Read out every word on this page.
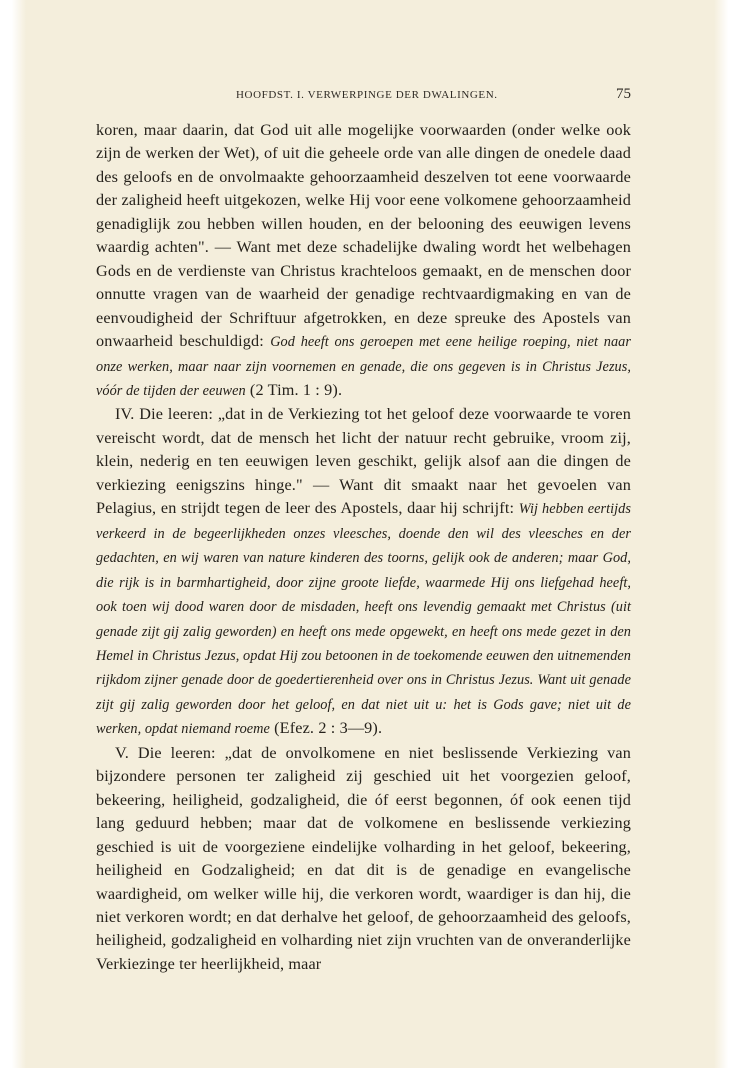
HOOFDST. I. VERWERPINGE DER DWALINGEN.	75

koren, maar daarin, dat God uit alle mogelijke voorwaarden (onder welke ook zijn de werken der Wet), of uit die geheele orde van alle dingen de onedele daad des geloofs en de onvolmaakte gehoorzaamheid deszelven tot eene voorwaarde der zaligheid heeft uitgekozen, welke Hij voor eene volkomene gehoorzaamheid genadiglijk zou hebben willen houden, en der belooning des eeuwigen levens waardig achten". — Want met deze schadelijke dwaling wordt het welbehagen Gods en de verdienste van Christus krachteloos gemaakt, en de menschen door onnutte vragen van de waarheid der genadige rechtvaardigmaking en van de eenvoudigheid der Schriftuur afgetrokken, en deze spreuke des Apostels van onwaarheid beschuldigd: God heeft ons geroepen met eene heilige roeping, niet naar onze werken, maar naar zijn voornemen en genade, die ons gegeven is in Christus Jezus, vóór de tijden der eeuwen (2 Tim. 1 : 9).

IV. Die leeren: „dat in de Verkiezing tot het geloof deze voorwaarde te voren vereischt wordt, dat de mensch het licht der natuur recht gebruike, vroom zij, klein, nederig en ten eeuwigen leven geschikt, gelijk alsof aan die dingen de verkiezing eenigszins hinge." — Want dit smaakt naar het gevoelen van Pelagius, en strijdt tegen de leer des Apostels, daar hij schrijft: Wij hebben eertijds verkeerd in de begeerlijkheden onzes vleesches, doende den wil des vleesches en der gedachten, en wij waren van nature kinderen des toorns, gelijk ook de anderen; maar God, die rijk is in barmhartigheid, door zijne groote liefde, waarmede Hij ons liefgehad heeft, ook toen wij dood waren door de misdaden, heeft ons levendig gemaakt met Christus (uit genade zijt gij zalig geworden) en heeft ons mede opgewekt, en heeft ons mede gezet in den Hemel in Christus Jezus, opdat Hij zou betoonen in de toekomende eeuwen den uitnemenden rijkdom zijner genade door de goedertierenheid over ons in Christus Jezus. Want uit genade zijt gij zalig geworden door het geloof, en dat niet uit u: het is Gods gave; niet uit de werken, opdat niemand roeme (Efez. 2 : 3—9).

V. Die leeren: „dat de onvolkomene en niet beslissende Verkiezing van bijzondere personen ter zaligheid zij geschied uit het voorgezien geloof, bekeering, heiligheid, godzaligheid, die óf eerst begonnen, óf ook eenen tijd lang geduurd hebben; maar dat de volkomene en beslissende verkiezing geschied is uit de voorgeziene eindelijke volharding in het geloof, bekeering, heiligheid en Godzaligheid; en dat dit is de genadige en evangelische waardigheid, om welker wille hij, die verkoren wordt, waardiger is dan hij, die niet verkoren wordt; en dat derhalve het geloof, de gehoorzaamheid des geloofs, heiligheid, godzaligheid en volharding niet zijn vruchten van de onveranderlijke Verkiezinge ter heerlijkheid, maar
